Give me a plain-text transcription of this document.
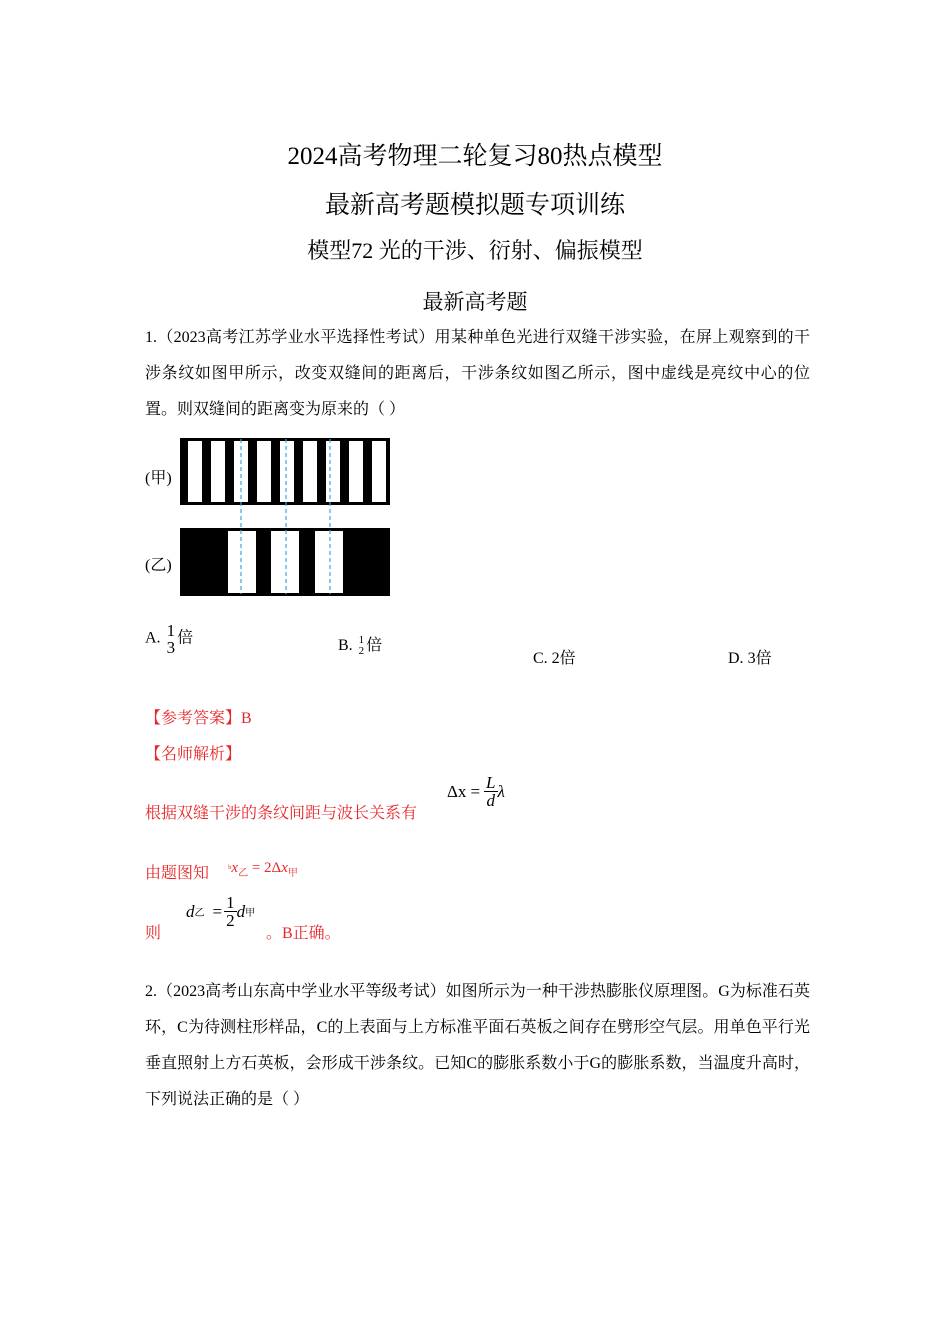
2024高考物理二轮复习80热点模型
最新高考题模拟题专项训练
模型72 光的干涉、衍射、偏振模型
最新高考题
1.（2023高考江苏学业水平选择性考试）用某种单色光进行双缝干涉实验，在屏上观察到的干涉条纹如图甲所示，改变双缝间的距离后，干涉条纹如图乙所示，图中虚线是亮纹中心的位置。则双缝间的距离变为原来的（ ）
(甲)
(乙)
A. 1
3 倍	B. 1
2 倍
C. 2倍	D. 3倍
【参考答案】B
【名师解析】
根据双缝干涉的条纹间距与波长关系有
$\Delta x = \frac{L}{d}$ λ
由题图知 ᵇx$_乙$ = $2\Delta x_甲$
则
d 乙 = $\frac{1}{2}$ d 甲
。B正确。
2.（2023高考山东高中学业水平等级考试）如图所示为一种干涉热膨胀仪原理图。G为标准石英环，C为待测柱形样品，C的上表面与上方标准平面石英板之间存在劈形空气层。用单色平行光垂直照射上方石英板，会形成干涉条纹。已知C的膨胀系数小于G的膨胀系数，当温度升高时，下列说法正确的是（ ）
